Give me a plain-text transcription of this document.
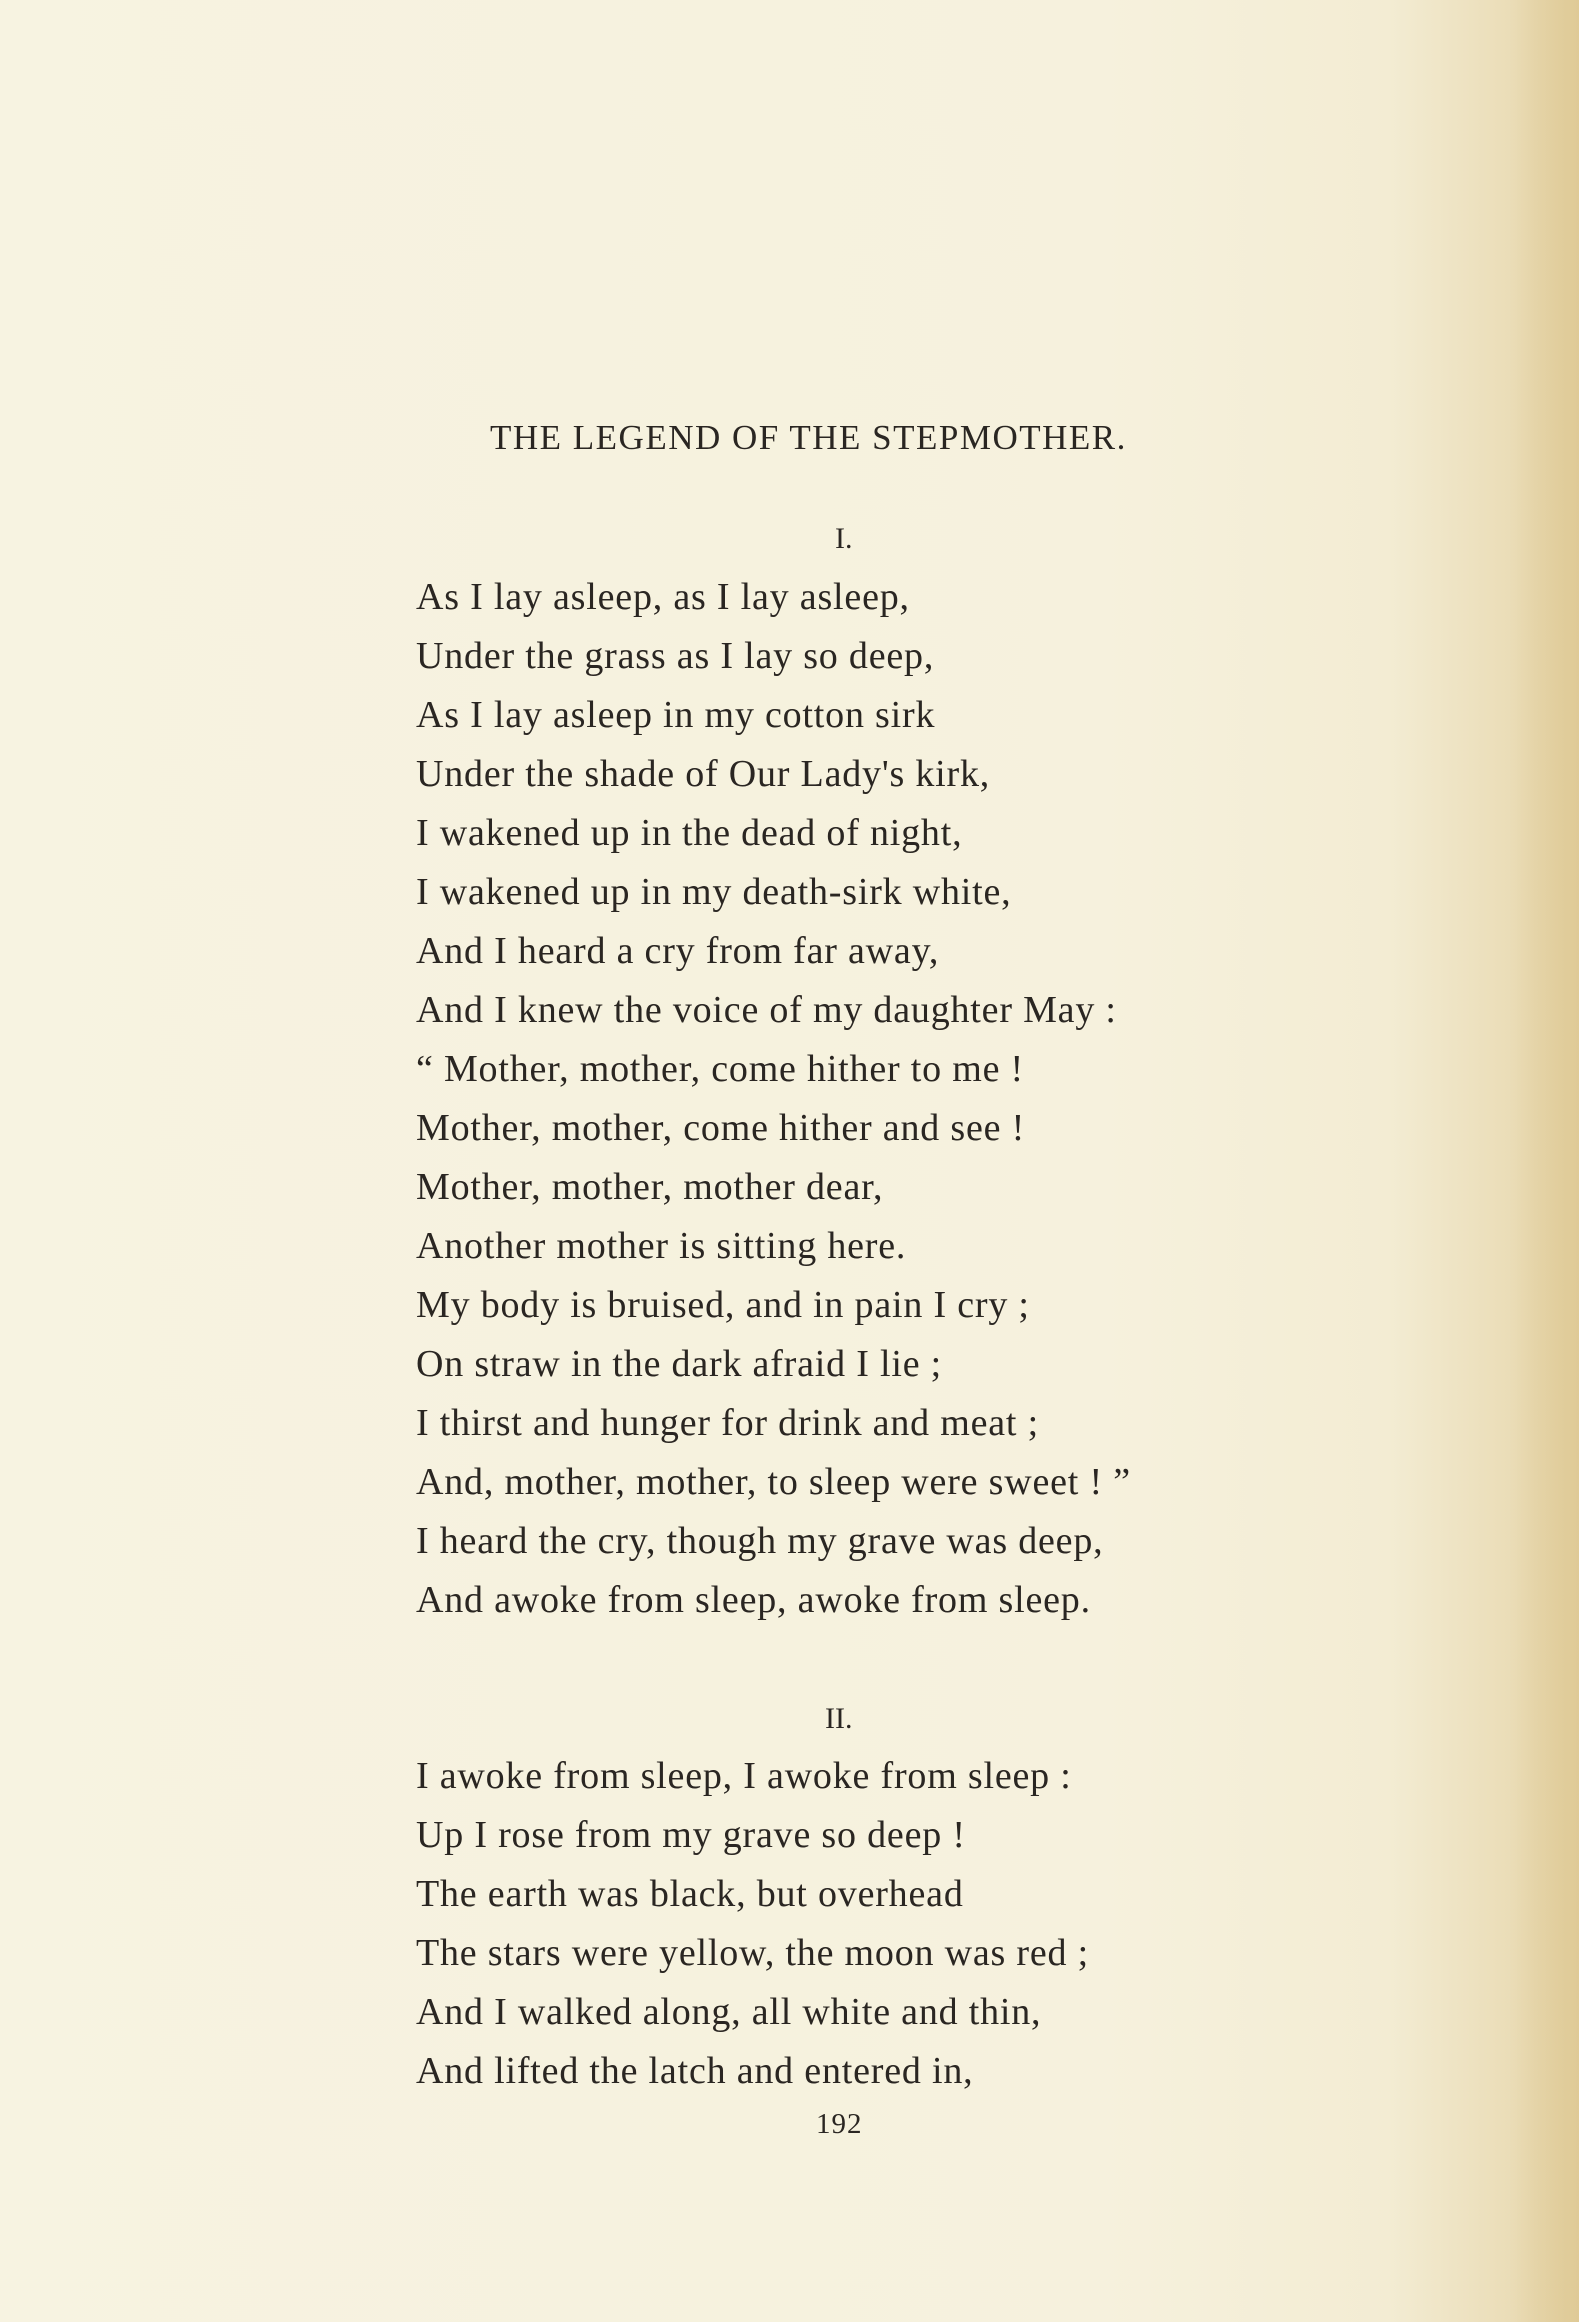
THE LEGEND OF THE STEPMOTHER.
I.
As I lay asleep, as I lay asleep,
Under the grass as I lay so deep,
As I lay asleep in my cotton sirk
Under the shade of Our Lady's kirk,
I wakened up in the dead of night,
I wakened up in my death-sirk white,
And I heard a cry from far away,
And I knew the voice of my daughter May :
“ Mother, mother, come hither to me !
Mother, mother, come hither and see !
Mother, mother, mother dear,
Another mother is sitting here.
My body is bruised, and in pain I cry ;
On straw in the dark afraid I lie ;
I thirst and hunger for drink and meat ;
And, mother, mother, to sleep were sweet ! ”
I heard the cry, though my grave was deep,
And awoke from sleep, awoke from sleep.
II.
I awoke from sleep, I awoke from sleep :
Up I rose from my grave so deep !
The earth was black, but overhead
The stars were yellow, the moon was red ;
And I walked along, all white and thin,
And lifted the latch and entered in,
192
